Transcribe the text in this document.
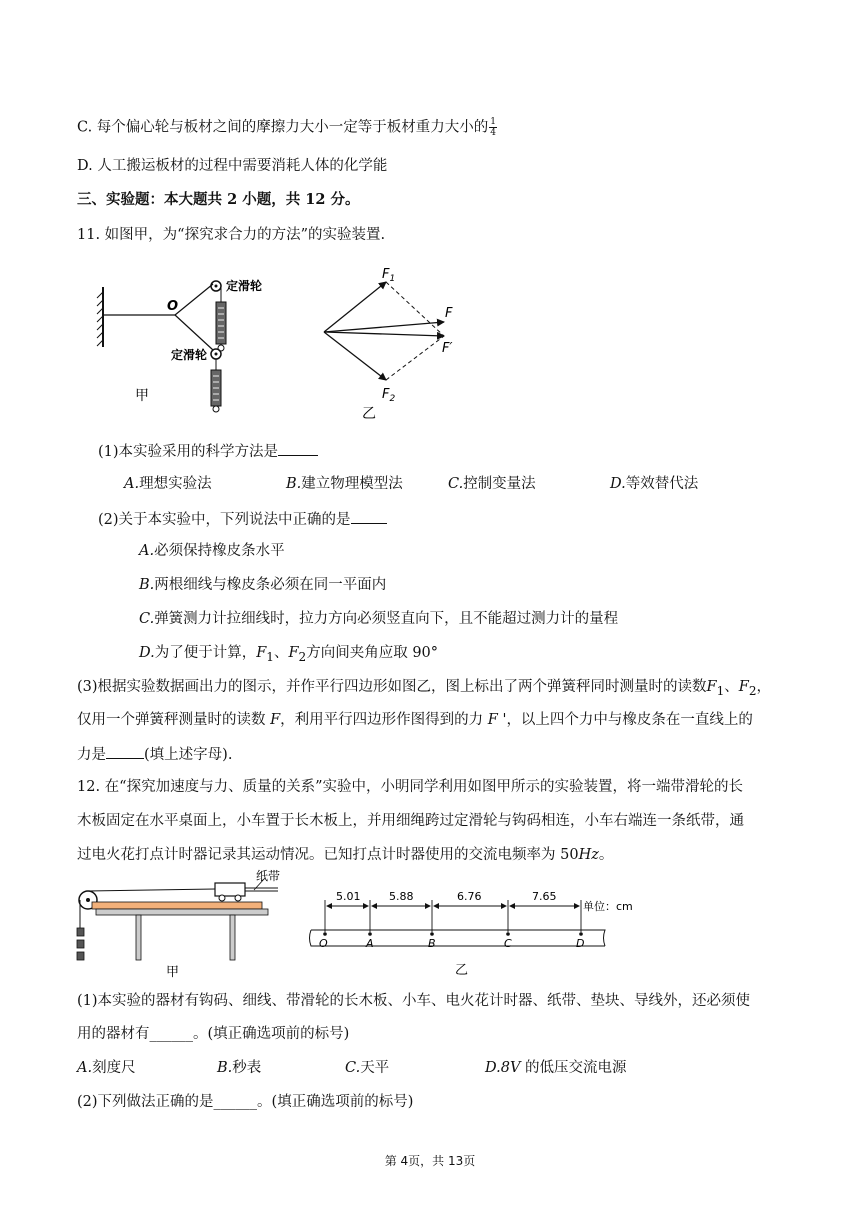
C. 每个偏心轮与板材之间的摩擦力大小一定等于板材重力大小的 $\frac{1}{4}$
D. 人工搬运板材的过程中需要消耗人体的化学能
三、实验题：本大题共 2 小题，共 12 分。
11. 如图甲，为“探究求合力的方法”的实验装置.
O
定滑轮
定滑轮
甲
$F_1$
F
F′
$F_2$
乙
(1)本实验采用的科学方法是
A.理想实验法	B.建立物理模型法	C.控制变量法	D.等效替代法
(2)关于本实验中，下列说法中正确的是
A.必须保持橡皮条水平
B.两根细线与橡皮条必须在同一平面内
C.弹簧测力计拉细线时，拉力方向必须竖直向下，且不能超过测力计的量程
D.为了便于计算，$F_1$、$F_2$方向间夹角应取 90°
(3)根据实验数据画出力的图示，并作平行四边形如图乙，图上标出了两个弹簧秤同时测量时的读数$F_1$、$F_2$，
仅用一个弹簧秤测量时的读数 F，利用平行四边形作图得到的力 F '，以上四个力中与橡皮条在一直线上的
力是	(填上述字母).
12. 在“探究加速度与力、质量的关系”实验中，小明同学利用如图甲所示的实验装置，将一端带滑轮的长
木板固定在水平桌面上，小车置于长木板上，并用细绳跨过定滑轮与钩码相连，小车右端连一条纸带，通
过电火花打点计时器记录其运动情况。已知打点计时器使用的交流电频率为 50Hz。
纸带
甲
5.01	5.88	6.76	7.65
单位：cm
O	A	B	C	D
乙
(1)本实验的器材有钩码、细线、带滑轮的长木板、小车、电火花计时器、纸带、垫块、导线外，还必须使
用的器材有______。(填正确选项前的标号)
A.刻度尺	B.秒表	C.天平	D.8V 的低压交流电源
(2)下列做法正确的是______。(填正确选项前的标号)
第 4页，共 13页
